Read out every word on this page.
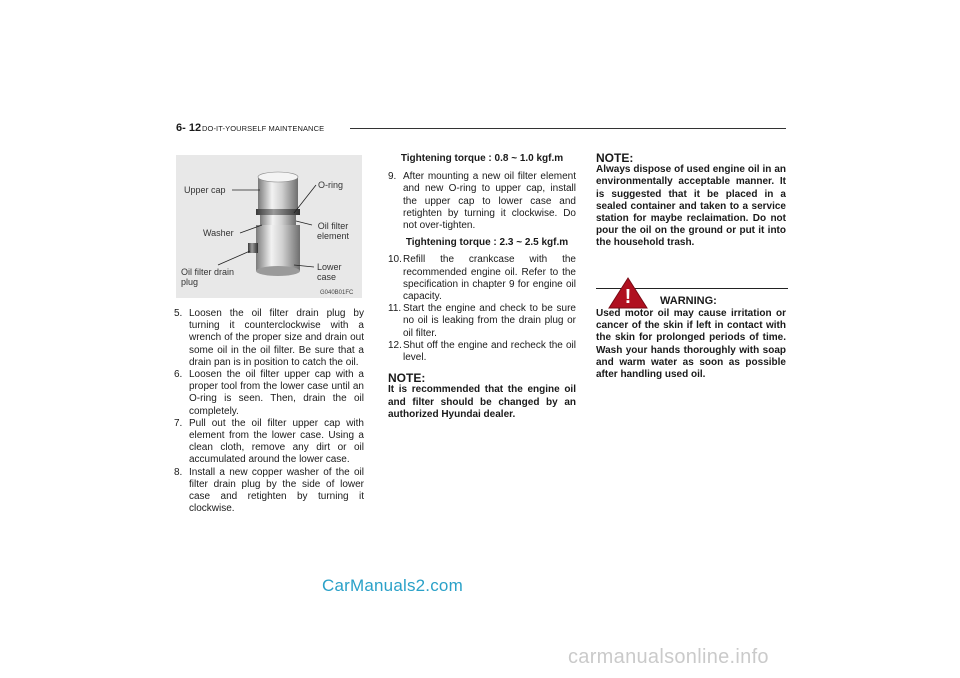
6- 12 DO-IT-YOURSELF MAINTENANCE
Upper cap	O-ring
Washer
Oil filter element
Oil filter drain plug
Lower case
G040B01FC
5. Loosen the oil filter drain plug by turning it counterclockwise with a wrench of the proper size and drain out some oil in the oil filter. Be sure that a drain pan is in position to catch the oil.
6. Loosen the oil filter upper cap with a proper tool from the lower case until an O-ring is seen. Then, drain the oil completely.
7. Pull out the oil filter upper cap with element from the lower case. Using a clean cloth, remove any dirt or oil accumulated around the lower case.
8. Install a new copper washer of the oil filter drain plug by the side of lower case and retighten by turning it clockwise.
Tightening torque : 0.8 ~ 1.0 kgf.m
9. After mounting a new oil filter element and new O-ring to upper cap, install the upper cap to lower case and retighten by turning it clockwise. Do not over-tighten.
Tightening torque : 2.3 ~ 2.5 kgf.m
10. Refill the crankcase with the recommended engine oil. Refer to the specification in chapter 9 for engine oil capacity.
11. Start the engine and check to be sure no oil is leaking from the drain plug or oil filter.
12. Shut off the engine and recheck the oil level.
NOTE:
It is recommended that the engine oil and filter should be changed by an authorized Hyundai dealer.
NOTE:
Always dispose of used engine oil in an environmentally acceptable manner. It is suggested that it be placed in a sealed container and taken to a service station for maybe reclaimation. Do not pour the oil on the ground or put it into the household trash.
!	WARNING:
Used motor oil may cause irritation or cancer of the skin if left in contact with the skin for prolonged periods of time. Wash your hands thoroughly with soap and warm water as soon as possible after handling used oil.
CarManuals2.com
carmanualsonline.info
